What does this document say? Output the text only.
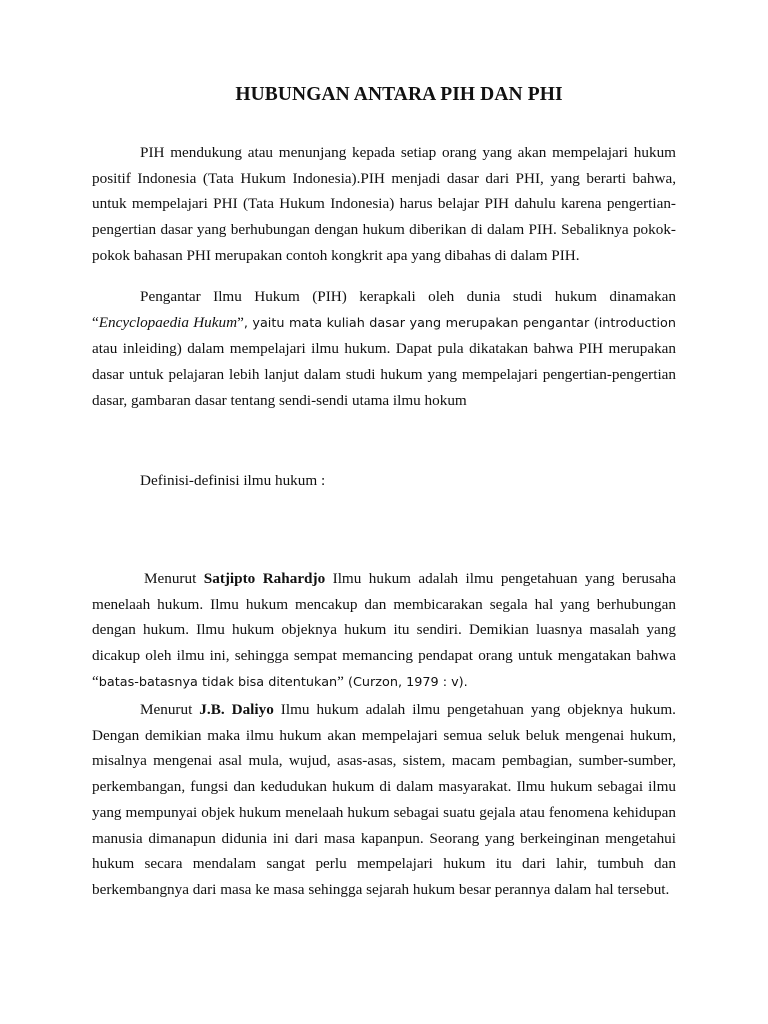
HUBUNGAN ANTARA PIH DAN PHI

PIH mendukung atau menunjang kepada setiap orang yang akan mempelajari hukum positif Indonesia (Tata Hukum Indonesia).PIH menjadi dasar dari PHI, yang berarti bahwa, untuk mempelajari PHI (Tata Hukum Indonesia) harus belajar PIH dahulu karena pengertian-pengertian dasar yang berhubungan dengan hukum diberikan di dalam PIH. Sebaliknya pokok-pokok bahasan PHI merupakan contoh kongkrit apa yang dibahas di dalam PIH.

Pengantar Ilmu Hukum (PIH) kerapkali oleh dunia studi hukum dinamakan “Encyclopaedia Hukum”, yaitu mata kuliah dasar yang merupakan pengantar (introduction atau inleiding) dalam mempelajari ilmu hukum. Dapat pula dikatakan bahwa PIH merupakan dasar untuk pelajaran lebih lanjut dalam studi hukum yang mempelajari pengertian-pengertian dasar, gambaran dasar tentang sendi-sendi utama ilmu hokum

Definisi-definisi ilmu hukum :

Menurut Satjipto Rahardjo Ilmu hukum adalah ilmu pengetahuan yang berusaha menelaah hukum. Ilmu hukum mencakup dan membicarakan segala hal yang berhubungan dengan hukum. Ilmu hukum objeknya hukum itu sendiri. Demikian luasnya masalah yang dicakup oleh ilmu ini, sehingga sempat memancing pendapat orang untuk mengatakan bahwa “batas-batasnya tidak bisa ditentukan” (Curzon, 1979 : v).

Menurut J.B. Daliyo Ilmu hukum adalah ilmu pengetahuan yang objeknya hukum. Dengan demikian maka ilmu hukum akan mempelajari semua seluk beluk mengenai hukum, misalnya mengenai asal mula, wujud, asas-asas, sistem, macam pembagian, sumber-sumber, perkembangan, fungsi dan kedudukan hukum di dalam masyarakat. Ilmu hukum sebagai ilmu yang mempunyai objek hukum menelaah hukum sebagai suatu gejala atau fenomena kehidupan manusia dimanapun didunia ini dari masa kapanpun. Seorang yang berkeinginan mengetahui hukum secara mendalam sangat perlu mempelajari hukum itu dari lahir, tumbuh dan berkembangnya dari masa ke masa sehingga sejarah hukum besar perannya dalam hal tersebut.
